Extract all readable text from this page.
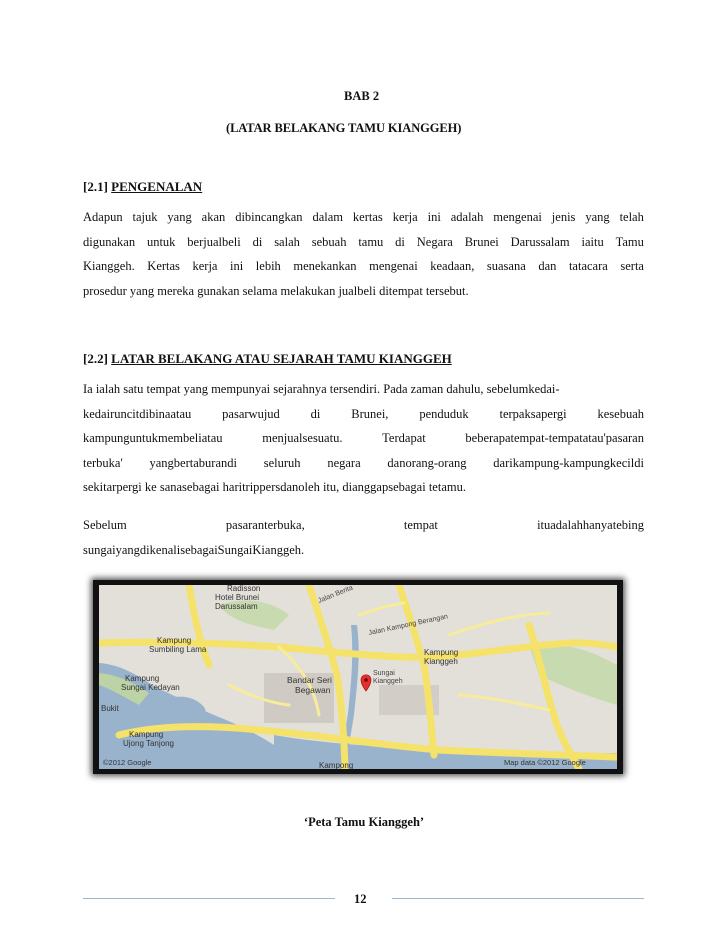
BAB 2
(LATAR BELAKANG TAMU KIANGGEH)
[2.1] PENGENALAN
Adapun tajuk yang akan dibincangkan dalam kertas kerja ini adalah mengenai jenis yang telah
digunakan untuk berjualbeli di salah sebuah tamu di Negara Brunei Darussalam iaitu Tamu
Kianggeh. Kertas kerja ini lebih menekankan mengenai keadaan, suasana dan tatacara serta
prosedur yang mereka gunakan selama melakukan jualbeli ditempat tersebut.
[2.2] LATAR BELAKANG ATAU SEJARAH TAMU KIANGGEH
Ia ialah satu tempat yang mempunyai sejarahnya tersendiri. Pada zaman dahulu, sebelumkedai-
kedairuncitdibinaatau pasarwujud di Brunei, penduduk terpaksapergi kesebuah
kampunguntukmembeliatau	menjualsesuatu.	Terdapat	beberapatempat-tempatatau'pasaran
terbuka' yangbertaburandi seluruh negara danorang-orang darikampung-kampungkecildi
sekitarpergi ke sanasebagai haritrippersdanoleh itu, dianggapsebagai tetamu.
Sebelum	pasaranterbuka,	tempat	ituadalahhanyatebing
sungaiyangdikenalisebagaiSungaiKianggeh.
Radisson
Hotel Brunei
Darussalam
Jalan Berita
Jalan Kampong Berangan
Kampung
Sumbiling Lama
Kampung
Sungai Kedayan
Bandar Seri
Begawan
Sungai
Kianggeh
Kampung
Kianggeh
Bukit
Kampung
Ujong Tanjong
Kampong
©2012 Google	Map data ©2012 Google
‘Peta Tamu Kianggeh’
12
